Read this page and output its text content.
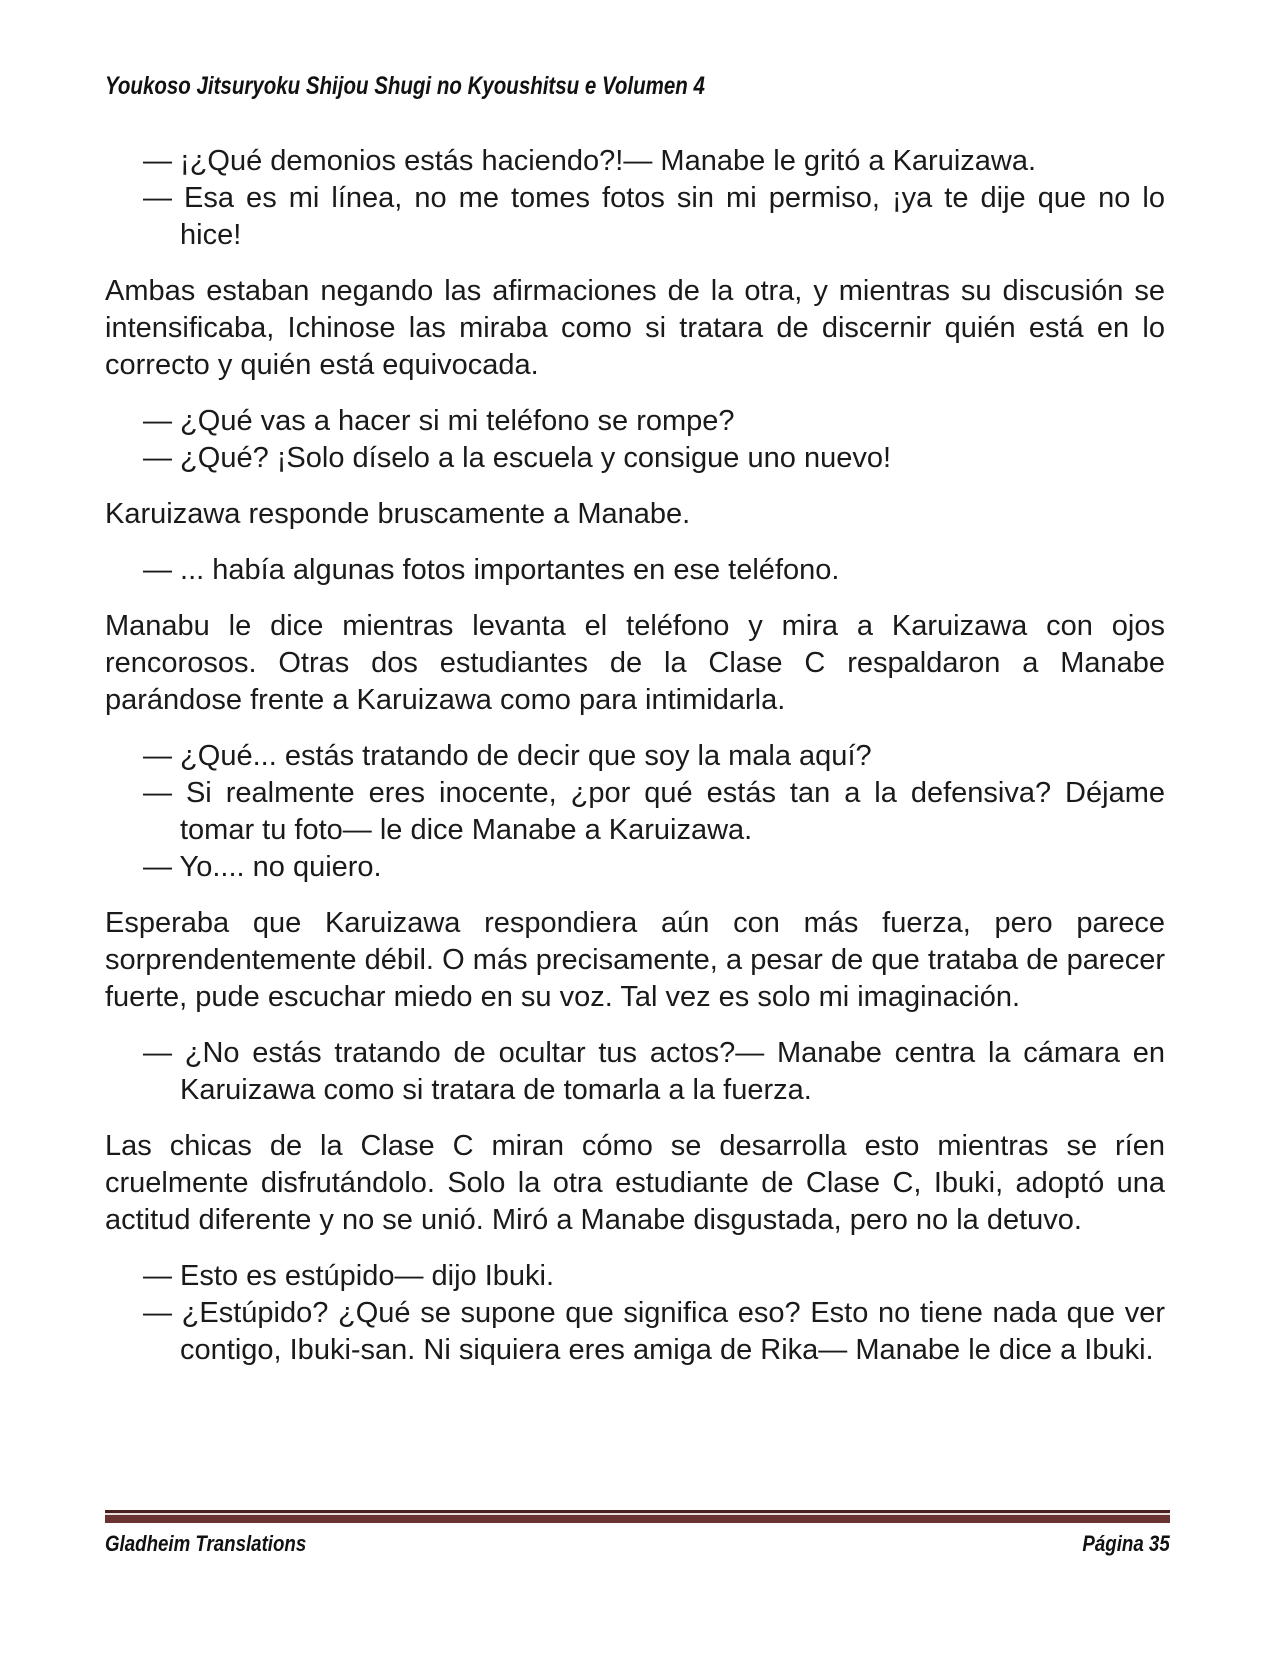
Youkoso Jitsuryoku Shijou Shugi no Kyoushitsu e Volumen 4

— ¡¿Qué demonios estás haciendo?!— Manabe le gritó a Karuizawa.

— Esa es mi línea, no me tomes fotos sin mi permiso, ¡ya te dije que no lo hice!

Ambas estaban negando las afirmaciones de la otra, y mientras su discusión se intensificaba, Ichinose las miraba como si tratara de discernir quién está en lo correcto y quién está equivocada.

— ¿Qué vas a hacer si mi teléfono se rompe?

— ¿Qué? ¡Solo díselo a la escuela y consigue uno nuevo!

Karuizawa responde bruscamente a Manabe.

— ... había algunas fotos importantes en ese teléfono.

Manabu le dice mientras levanta el teléfono y mira a Karuizawa con ojos rencorosos. Otras dos estudiantes de la Clase C respaldaron a Manabe parándose frente a Karuizawa como para intimidarla.

— ¿Qué... estás tratando de decir que soy la mala aquí?

— Si realmente eres inocente, ¿por qué estás tan a la defensiva? Déjame tomar tu foto— le dice Manabe a Karuizawa.

— Yo.... no quiero.

Esperaba que Karuizawa respondiera aún con más fuerza, pero parece sorprendentemente débil. O más precisamente, a pesar de que trataba de parecer fuerte, pude escuchar miedo en su voz. Tal vez es solo mi imaginación.

— ¿No estás tratando de ocultar tus actos?— Manabe centra la cámara en Karuizawa como si tratara de tomarla a la fuerza.

Las chicas de la Clase C miran cómo se desarrolla esto mientras se ríen cruelmente disfrutándolo. Solo la otra estudiante de Clase C, Ibuki, adoptó una actitud diferente y no se unió. Miró a Manabe disgustada, pero no la detuvo.

— Esto es estúpido— dijo Ibuki.

— ¿Estúpido? ¿Qué se supone que significa eso? Esto no tiene nada que ver contigo, Ibuki-san. Ni siquiera eres amiga de Rika— Manabe le dice a Ibuki.

Gladheim Translations	Página 35
